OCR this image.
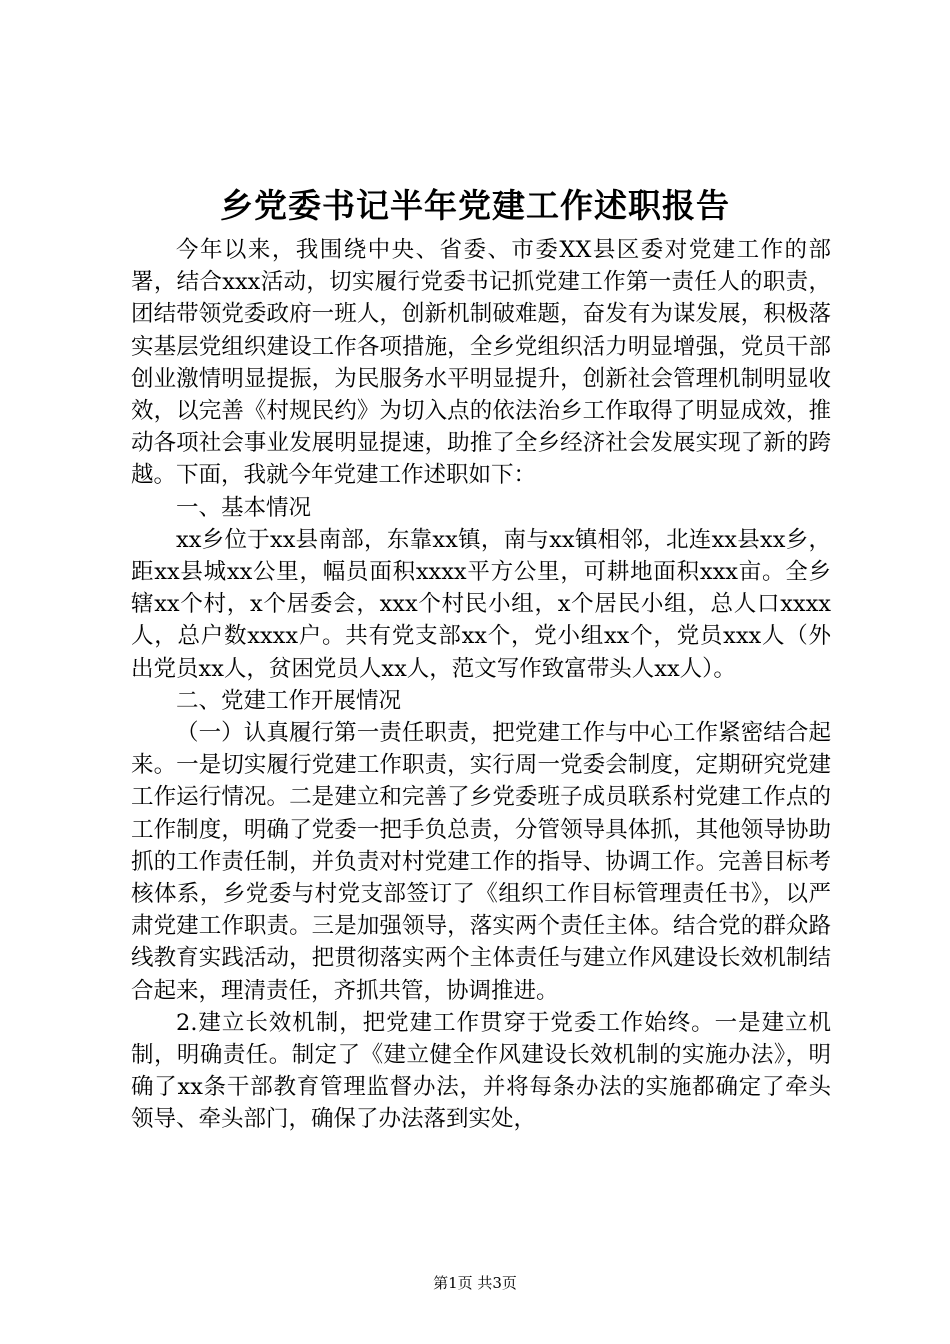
乡党委书记半年党建工作述职报告

今年以来，我围绕中央、省委、市委XX县区委对党建工作的部署，结合xxx活动，切实履行党委书记抓党建工作第一责任人的职责，团结带领党委政府一班人，创新机制破难题，奋发有为谋发展，积极落实基层党组织建设工作各项措施，全乡党组织活力明显增强，党员干部创业激情明显提振，为民服务水平明显提升，创新社会管理机制明显收效，以完善《村规民约》为切入点的依法治乡工作取得了明显成效，推动各项社会事业发展明显提速，助推了全乡经济社会发展实现了新的跨越。下面，我就今年党建工作述职如下：

一、基本情况

xx乡位于xx县南部，东靠xx镇，南与xx镇相邻，北连xx县xx乡，距xx县城xx公里，幅员面积xxxx平方公里，可耕地面积xxx亩。全乡辖xx个村，x个居委会，xxx个村民小组，x个居民小组，总人口xxxx人，总户数xxxx户。共有党支部xx个，党小组xx个，党员xxx人（外出党员xx人，贫困党员人xx人，范文写作致富带头人xx人）。

二、党建工作开展情况

（一）认真履行第一责任职责，把党建工作与中心工作紧密结合起来。一是切实履行党建工作职责，实行周一党委会制度，定期研究党建工作运行情况。二是建立和完善了乡党委班子成员联系村党建工作点的工作制度，明确了党委一把手负总责，分管领导具体抓，其他领导协助抓的工作责任制，并负责对村党建工作的指导、协调工作。完善目标考核体系，乡党委与村党支部签订了《组织工作目标管理责任书》，以严肃党建工作职责。三是加强领导，落实两个责任主体。结合党的群众路线教育实践活动，把贯彻落实两个主体责任与建立作风建设长效机制结合起来，理清责任，齐抓共管，协调推进。

2.建立长效机制，把党建工作贯穿于党委工作始终。一是建立机制，明确责任。制定了《建立健全作风建设长效机制的实施办法》，明确了xx条干部教育管理监督办法，并将每条办法的实施都确定了牵头领导、牵头部门，确保了办法落到实处，

第1页 共3页
